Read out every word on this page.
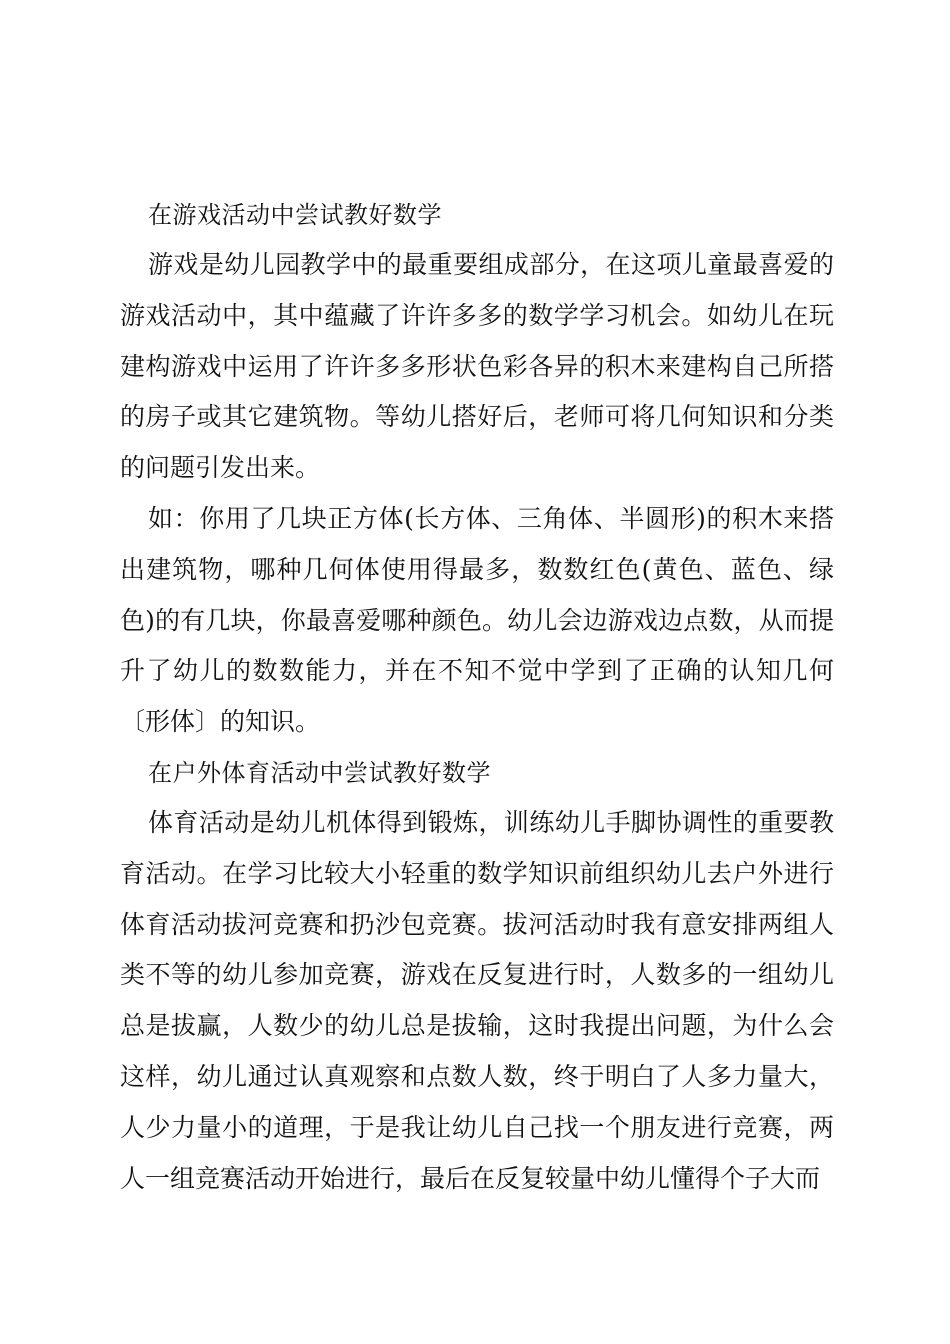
在游戏活动中尝试教好数学

游戏是幼儿园教学中的最重要组成部分，在这项儿童最喜爱的游戏活动中，其中蕴藏了许许多多的数学学习机会。如幼儿在玩建构游戏中运用了许许多多形状色彩各异的积木来建构自己所搭的房子或其它建筑物。等幼儿搭好后，老师可将几何知识和分类的问题引发出来。

如：你用了几块正方体(长方体、三角体、半圆形)的积木来搭出建筑物，哪种几何体使用得最多，数数红色(黄色、蓝色、绿色)的有几块，你最喜爱哪种颜色。幼儿会边游戏边点数，从而提升了幼儿的数数能力，并在不知不觉中学到了正确的认知几何〔形体〕的知识。

在户外体育活动中尝试教好数学

体育活动是幼儿机体得到锻炼，训练幼儿手脚协调性的重要教育活动。在学习比较大小轻重的数学知识前组织幼儿去户外进行体育活动拔河竞赛和扔沙包竞赛。拔河活动时我有意安排两组人类不等的幼儿参加竞赛，游戏在反复进行时，人数多的一组幼儿总是拔赢，人数少的幼儿总是拔输，这时我提出问题，为什么会这样，幼儿通过认真观察和点数人数，终于明白了人多力量大，人少力量小的道理，于是我让幼儿自己找一个朋友进行竞赛，两人一组竞赛活动开始进行，最后在反复较量中幼儿懂得个子大而
